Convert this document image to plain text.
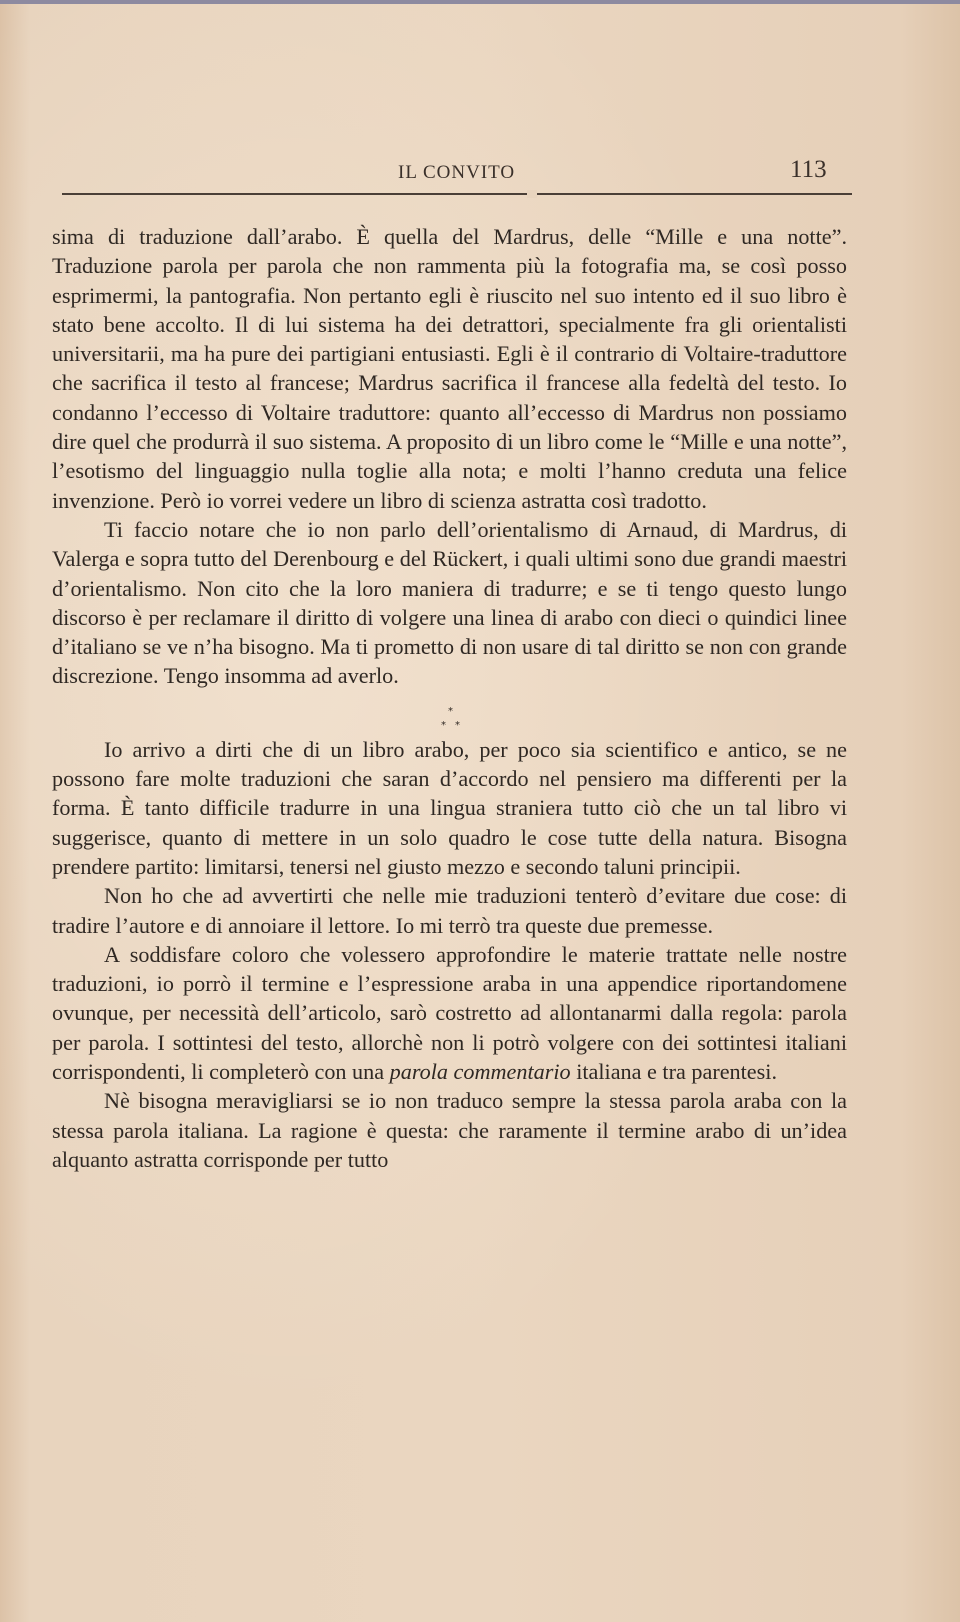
IL CONVITO	113

sima di traduzione dall’arabo. È quella del Mardrus, delle “Mille e una notte”. Traduzione parola per parola che non rammenta più la fotografia ma, se così posso esprimermi, la pantografia. Non pertanto egli è riuscito nel suo intento ed il suo libro è stato bene accolto. Il di lui sistema ha dei detrattori, specialmente fra gli orientalisti universitarii, ma ha pure dei partigiani entusiasti. Egli è il contrario di Voltaire-traduttore che sacrifica il testo al francese; Mardrus sacrifica il francese alla fedeltà del testo. Io condanno l’eccesso di Voltaire traduttore: quanto all’eccesso di Mardrus non possiamo dire quel che produrrà il suo sistema. A proposito di un libro come le “Mille e una notte”, l’esotismo del linguaggio nulla toglie alla nota; e molti l’hanno creduta una felice invenzione. Però io vorrei vedere un libro di scienza astratta così tradotto.

Ti faccio notare che io non parlo dell’orientalismo di Arnaud, di Mardrus, di Valerga e sopra tutto del Derenbourg e del Rückert, i quali ultimi sono due grandi maestri d’orientalismo. Non cito che la loro maniera di tradurre; e se ti tengo questo lungo discorso è per reclamare il diritto di volgere una linea di arabo con dieci o quindici linee d’italiano se ve n’ha bisogno. Ma ti prometto di non usare di tal diritto se non con grande discrezione. Tengo insomma ad averlo.

*
* *

Io arrivo a dirti che di un libro arabo, per poco sia scientifico e antico, se ne possono fare molte traduzioni che saran d’accordo nel pensiero ma differenti per la forma. È tanto difficile tradurre in una lingua straniera tutto ciò che un tal libro vi suggerisce, quanto di mettere in un solo quadro le cose tutte della natura. Bisogna prendere partito: limitarsi, tenersi nel giusto mezzo e secondo taluni principii.

Non ho che ad avvertirti che nelle mie traduzioni tenterò d’evitare due cose: di tradire l’autore e di annoiare il lettore. Io mi terrò tra queste due premesse.

A soddisfare coloro che volessero approfondire le materie trattate nelle nostre traduzioni, io porrò il termine e l’espressione araba in una appendice riportandomene ovunque, per necessità dell’articolo, sarò costretto ad allontanarmi dalla regola: parola per parola. I sottintesi del testo, allorchè non li potrò volgere con dei sottintesi italiani corrispondenti, li completerò con una parola commentario italiana e tra parentesi.

Nè bisogna meravigliarsi se io non traduco sempre la stessa parola araba con la stessa parola italiana. La ragione è questa: che raramente il termine arabo di un’idea alquanto astratta corrisponde per tutto
